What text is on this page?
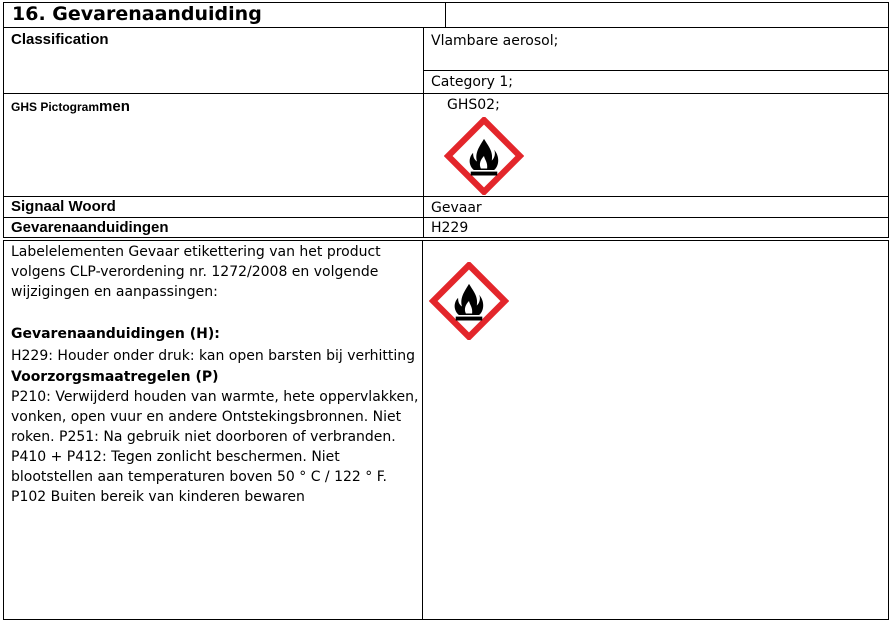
16. Gevarenaanduiding
Classification	Vlambare aerosol;
Category 1;
GHS Pictogrammen	GHS02;
Signaal Woord	Gevaar
Gevarenaanduidingen	H229

Labelelementen Gevaar etikettering van het product volgens CLP-verordening nr. 1272/2008 en volgende wijzigingen en aanpassingen:

Gevarenaanduidingen (H):

H229: Houder onder druk: kan open barsten bij verhitting

Voorzorgsmaatregelen (P)

P210: Verwijderd houden van warmte, hete oppervlakken, vonken, open vuur en andere Ontstekingsbronnen. Niet roken. P251: Na gebruik niet doorboren of verbranden. P410 + P412: Tegen zonlicht beschermen. Niet blootstellen aan temperaturen boven 50 ° C / 122 ° F. P102 Buiten bereik van kinderen bewaren
